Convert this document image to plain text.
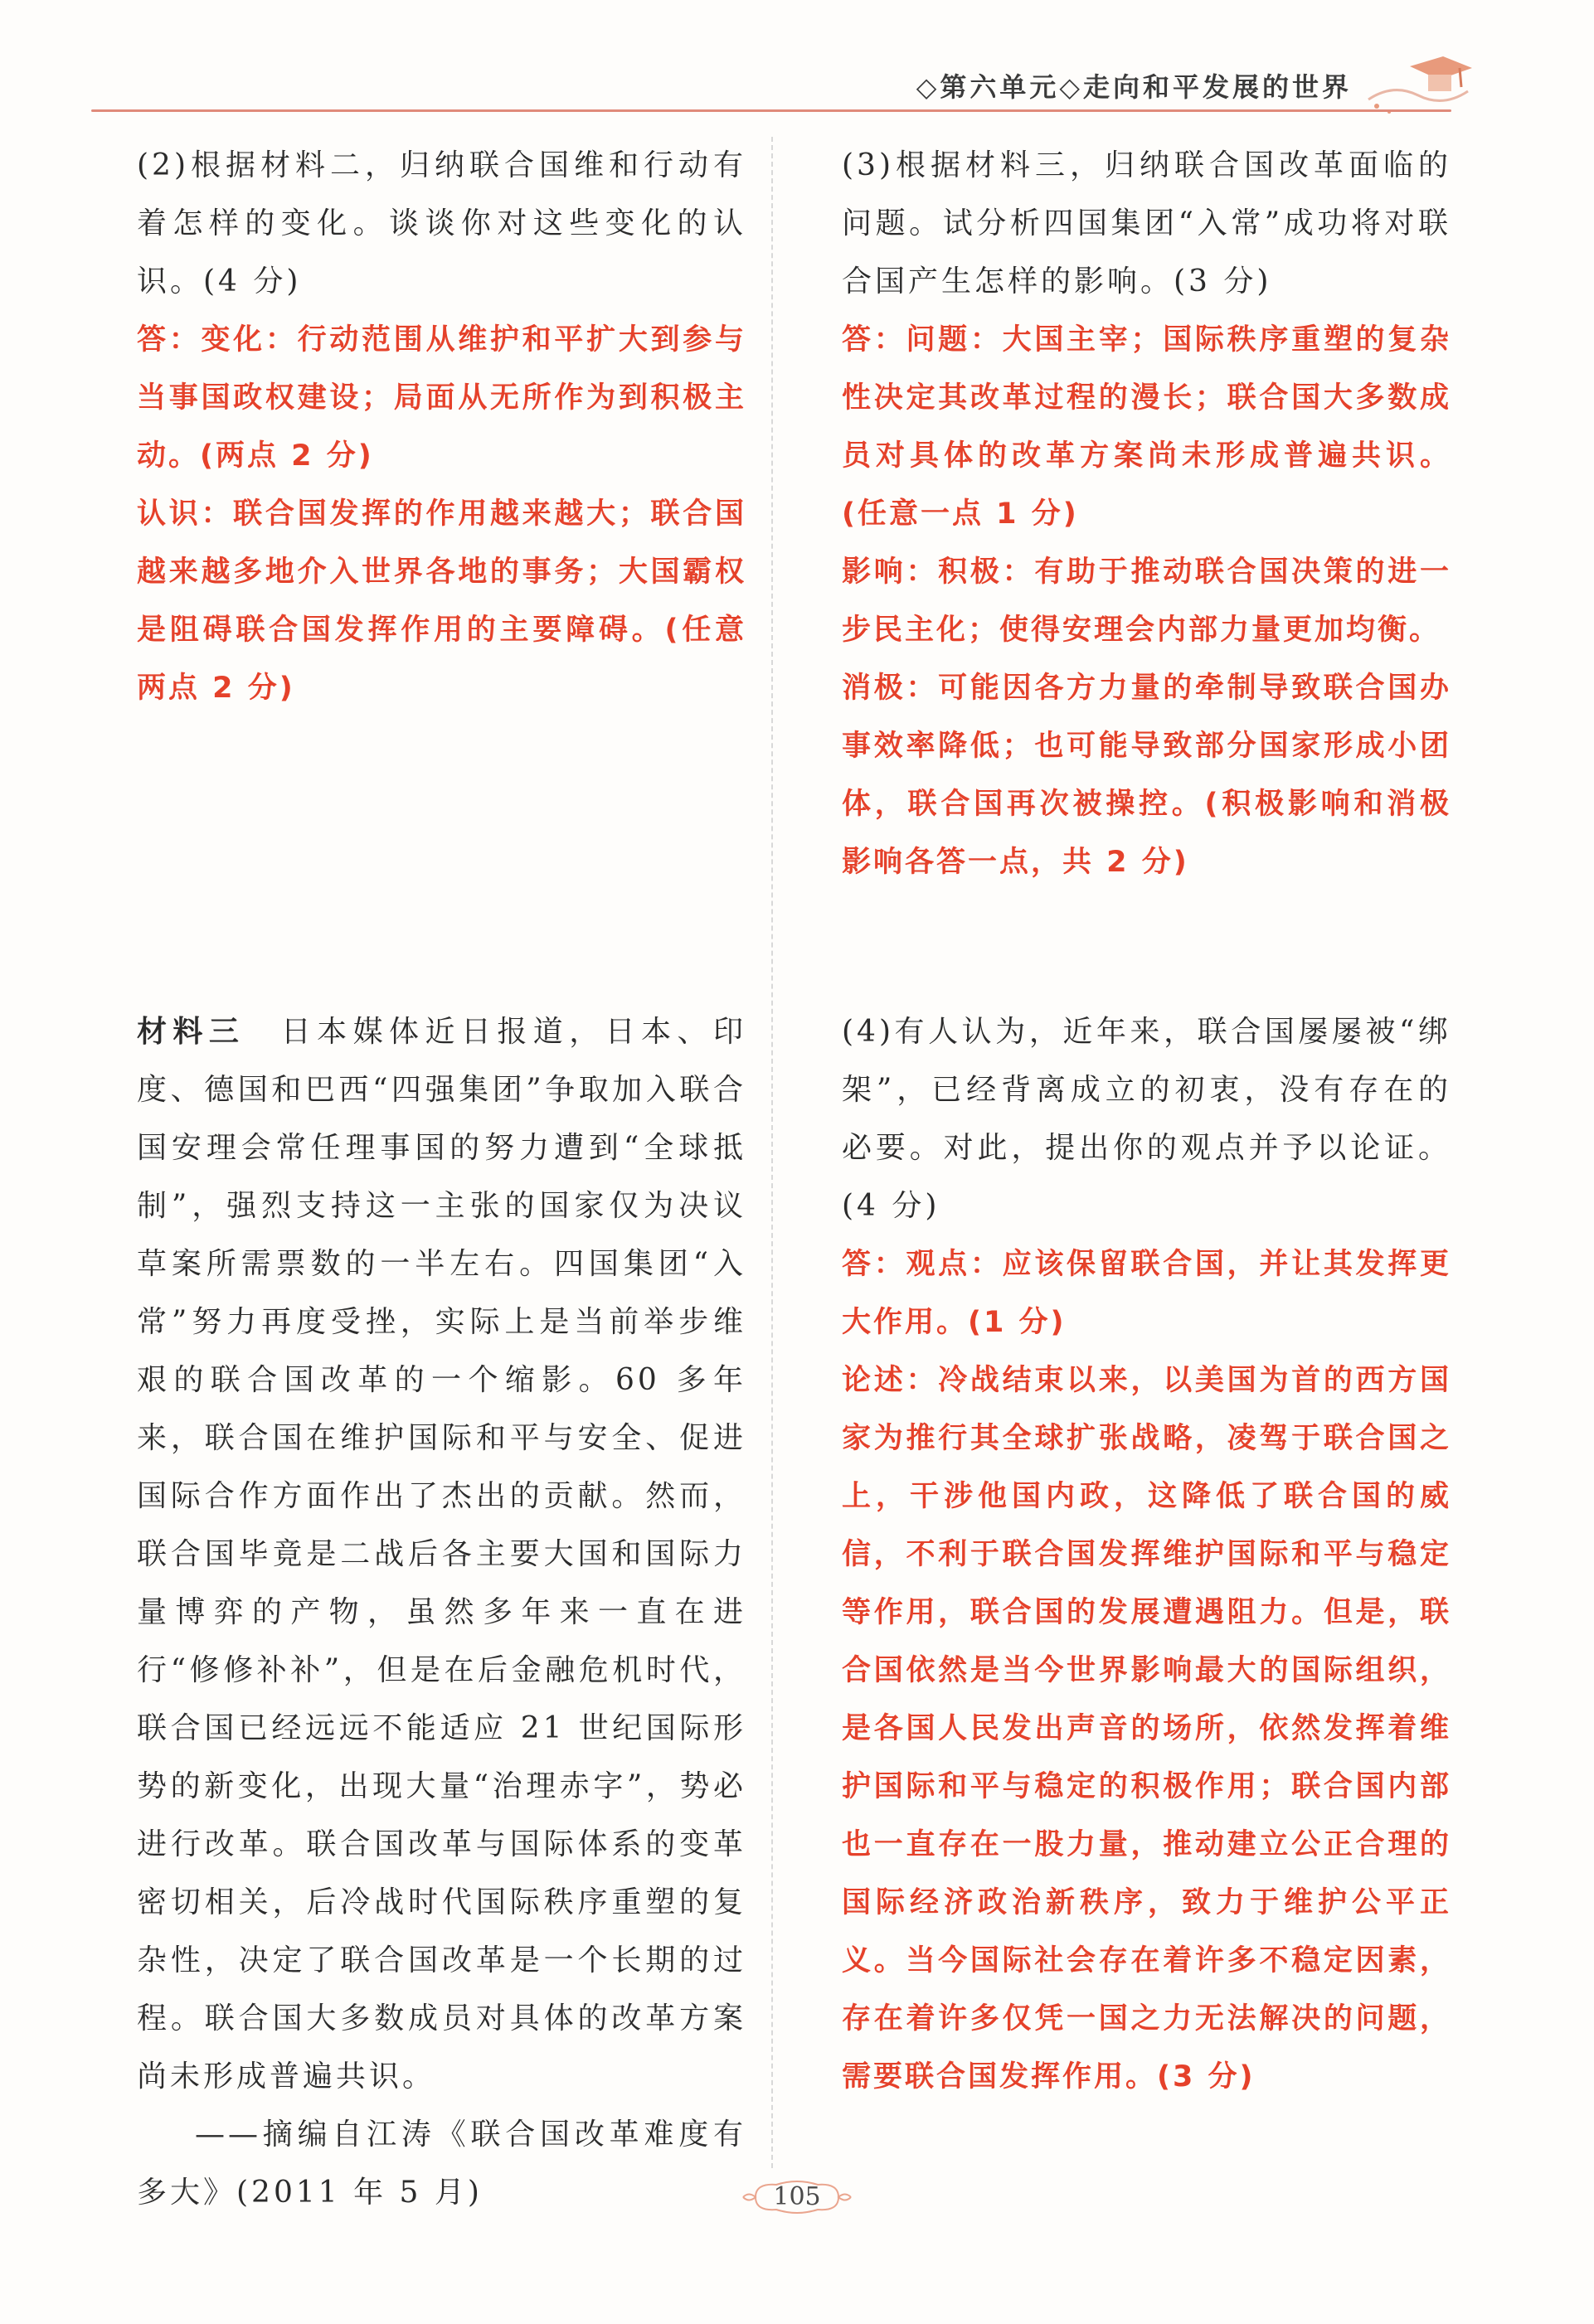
◇第六单元◇走向和平发展的世界

(2)根据材料二，归纳联合国维和行动有着怎样的变化。谈谈你对这些变化的认识。(4 分)

答：变化：行动范围从维护和平扩大到参与当事国政权建设；局面从无所作为到积极主动。(两点 2 分)

认识：联合国发挥的作用越来越大；联合国越来越多地介入世界各地的事务；大国霸权是阻碍联合国发挥作用的主要障碍。(任意两点 2 分)

(3)根据材料三，归纳联合国改革面临的问题。试分析四国集团“入常”成功将对联合国产生怎样的影响。(3 分)

答：问题：大国主宰；国际秩序重塑的复杂性决定其改革过程的漫长；联合国大多数成员对具体的改革方案尚未形成普遍共识。(任意一点 1 分)

影响：积极：有助于推动联合国决策的进一步民主化；使得安理会内部力量更加均衡。

消极：可能因各方力量的牵制导致联合国办事效率降低；也可能导致部分国家形成小团体，联合国再次被操控。(积极影响和消极影响各答一点，共 2 分)

材料三　 日本媒体近日报道，日本、印度、德国和巴西“四强集团”争取加入联合国安理会常任理事国的努力遭到“全球抵制”，强烈支持这一主张的国家仅为决议草案所需票数的一半左右。四国集团“入常”努力再度受挫，实际上是当前举步维艰的联合国改革的一个缩影。60 多年来，联合国在维护国际和平与安全、促进国际合作方面作出了杰出的贡献。然而，联合国毕竟是二战后各主要大国和国际力量博弈的产物，虽然多年来一直在进行“修修补补”，但是在后金融危机时代，联合国已经远远不能适应 21 世纪国际形势的新变化，出现大量“治理赤字”，势必进行改革。联合国改革与国际体系的变革密切相关，后冷战时代国际秩序重塑的复杂性，决定了联合国改革是一个长期的过程。联合国大多数成员对具体的改革方案尚未形成普遍共识。

——摘编自江涛《联合国改革难度有多大》(2011 年 5 月)

(4)有人认为，近年来，联合国屡屡被“绑架”，已经背离成立的初衷，没有存在的必要。对此，提出你的观点并予以论证。(4 分)

答：观点：应该保留联合国，并让其发挥更大作用。(1 分)

论述：冷战结束以来，以美国为首的西方国家为推行其全球扩张战略，凌驾于联合国之上，干涉他国内政，这降低了联合国的威信，不利于联合国发挥维护国际和平与稳定等作用，联合国的发展遭遇阻力。但是，联合国依然是当今世界影响最大的国际组织，是各国人民发出声音的场所，依然发挥着维护国际和平与稳定的积极作用；联合国内部也一直存在一股力量，推动建立公正合理的国际经济政治新秩序，致力于维护公平正义。当今国际社会存在着许多不稳定因素，存在着许多仅凭一国之力无法解决的问题，需要联合国发挥作用。(3 分)

105
